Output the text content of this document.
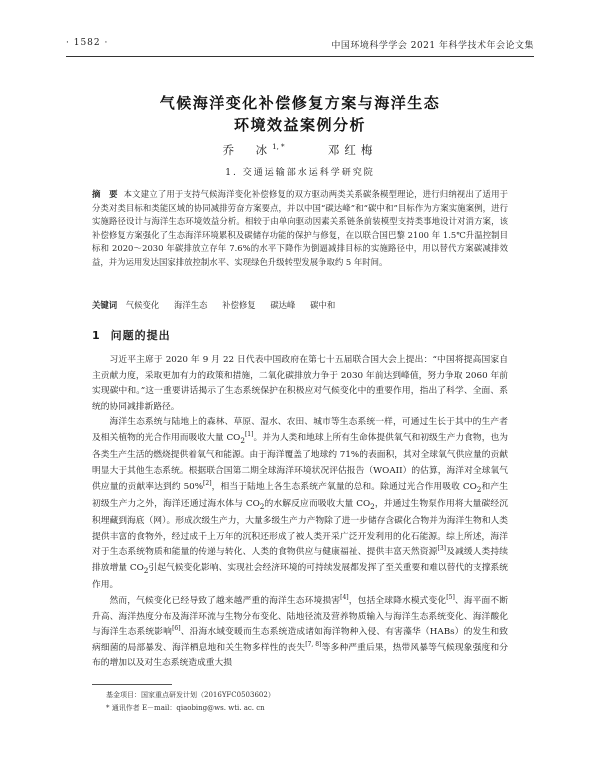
· 1582 ·	中国环境科学学会 2021 年科学技术年会论文集
气候海洋变化补偿修复方案与海洋生态
环境效益案例分析
乔　冰$^{1, *}$	邓红梅
1. 交通运输部水运科学研究院
摘　要 本文建立了用于支持气候海洋变化补偿修复的双方驱动两类关系碳条模型理论，进行归纳视出了适用于分类对类目标和类能区域的协同减排劳奋方案要点，并以中国“碳达峰”和“碳中和”目标作为方案实施案例，进行实施路径设计与海洋生态环境效益分析。相较于由单向驱动因素关系链条前装模型支持类事地设计对消方案，该补偿修复方案强化了生态海洋环境累积及碳储存功能的保护与修复，在以联合国巴黎 2100 年 1.5℃升温控制目标和 2020～2030 年碳排放立存年 7.6%的水平下降作为倒逼减排目标的实施路径中，用以替代方案碳减排效益，并为运用发达国家排放控制水平、实现绿色升级转型发展争取约 5 年时间。
关键词 气候变化 海洋生态 补偿修复 碳达峰 碳中和
1 问题的提出

习近平主席于 2020 年 9 月 22 日代表中国政府在第七十五届联合国大会上提出：“中国将提高国家自主贡献力度，采取更加有力的政策和措施，二氧化碳排放力争于 2030 年前达到峰值，努力争取 2060 年前实现碳中和。”这一重要讲话揭示了生态系统保护在积极应对气候变化中的重要作用，指出了科学、全面、系统的协同减排新路径。

海洋生态系统与陆地上的森林、草原、湿水、农田、城市等生态系统一样，可通过生长于其中的生产者及相关植物的光合作用而吸收大量 $CO_2[1]$。并为人类和地球上所有生命体提供氧气和初级生产力食物，也为各类生产生活的燃烧提供着氧气和能源。由于海洋覆盖了地球约 71%的表面积，其对全球氧气供应量的贡献明显大于其他生态系统。根据联合国第二期全球海洋环境状况评估报告（WOAII）的估算，海洋对全球氧气供应量的贡献率达到约 50%[2]，相当于陆地上各生态系统产氧量的总和。除通过光合作用吸收 $CO_2$和产生初级生产力之外，海洋还通过海水体与 $CO_2$的水解反应而吸收大量 $CO_2$，并通过生物泵作用将大量碳经沉积埋藏到海底（网）。形成次级生产力，大量多级生产力产物除了进一步储存含碳化合物并为海洋生物和人类提供丰富的食物外，经过成千上万年的沉积还形成了被人类开采广泛开发利用的化石能源。综上所述，海洋对于生态系统物质和能量的传递与转化、人类的食物供应与健康福祉、提供丰富天然资源[3]及减缓人类持续排放增量 $CO_2$引起气候变化影响、实现社会经济环境的可持续发展都发挥了至关重要和难以替代的支撑系统作用。

然而，气候变化已经导致了越来越严重的海洋生态环境损害[4]，包括全球降水模式变化[5]、海平面不断升高、海洋热度分布及海洋环流与生物分布变化、陆地径流及营养物质输入与海洋生态系统变化、海洋酸化与海洋生态系统影响[6]、沿海水域变暖而生态系统造成诸如海洋物种入侵、有害藻华（HABs）的发生和致病细菌的局部暴发、海洋栖息地和关生物多样性的丧失[7, 8]等多种严重后果，热带风暴等气候现象强度和分布的增加以及对生态系统造成重大损

基金项目：国家重点研发计划（2016YFC0503602）
* 通讯作者 E－mail：qiaobing@ws. wti. ac. cn
